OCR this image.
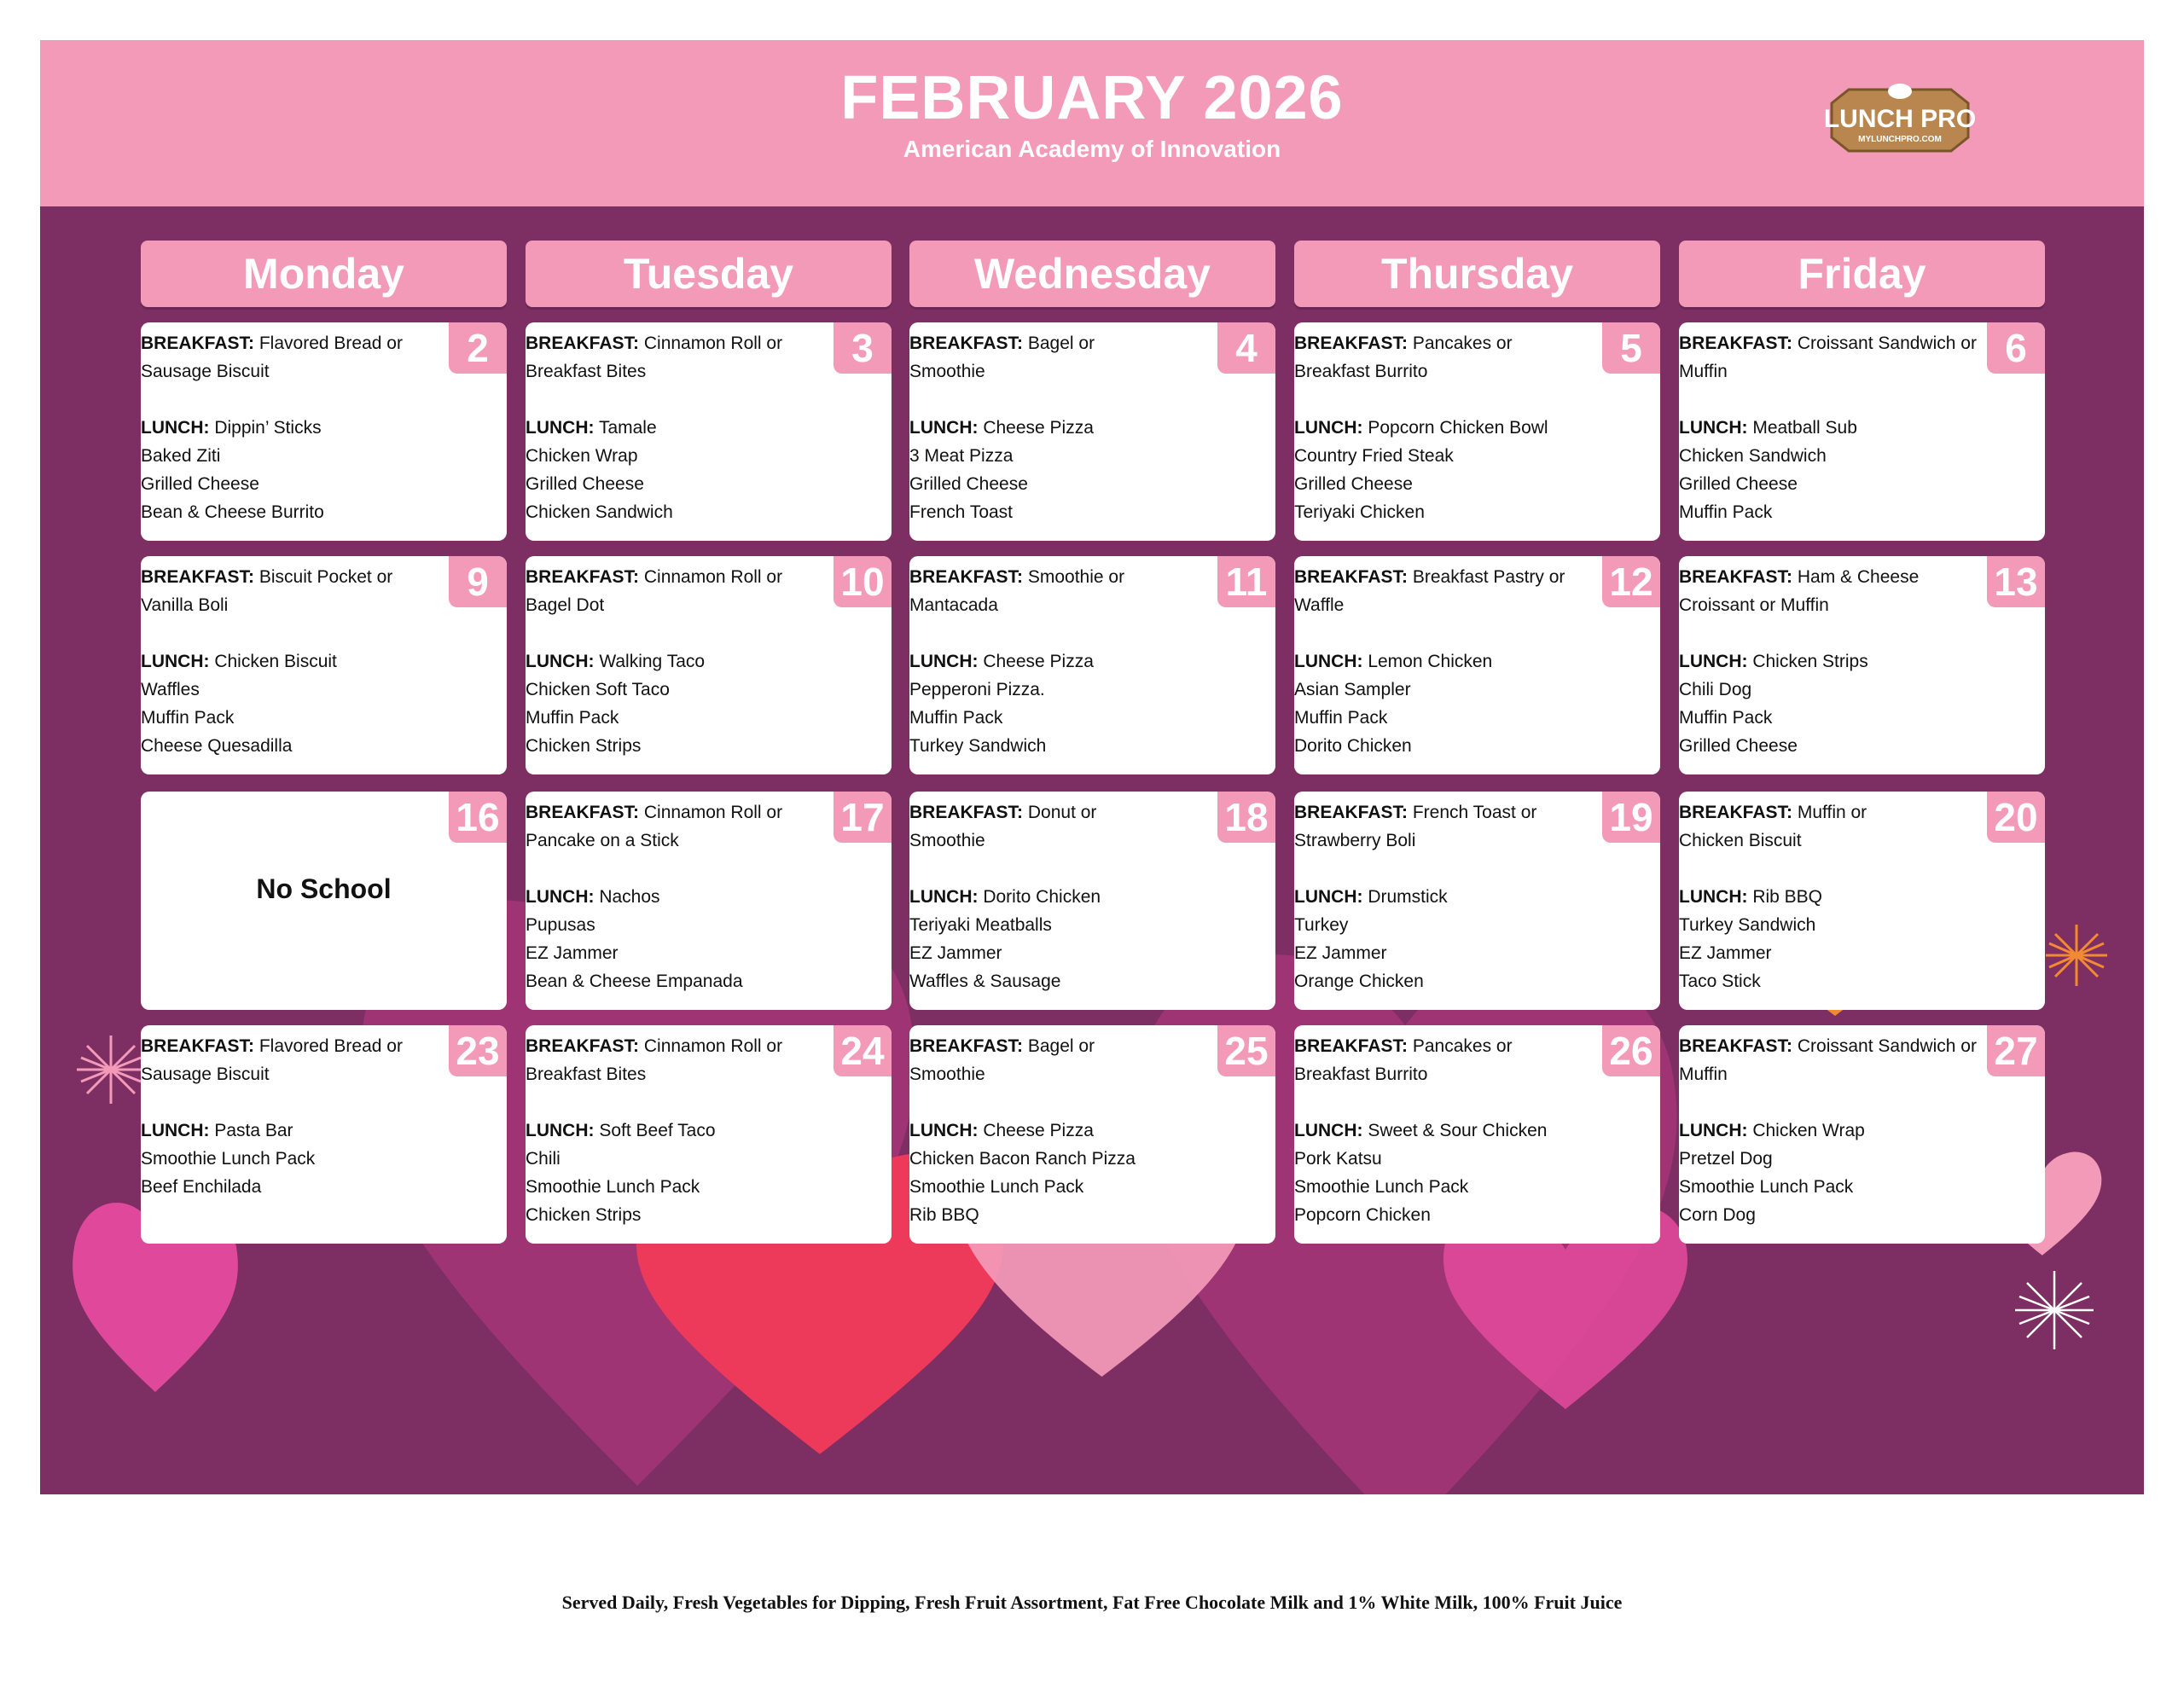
FEBRUARY 2026
American Academy of Innovation
LUNCH PRO
MYLUNCHPRO.COM
Monday	Tuesday	Wednesday	Thursday	Friday
2
BREAKFAST: Flavored Bread or
Sausage Biscuit
LUNCH: Dippin’ Sticks
Baked Ziti
Grilled Cheese
Bean & Cheese Burrito
3
BREAKFAST: Cinnamon Roll or
Breakfast Bites
LUNCH: Tamale
Chicken Wrap
Grilled Cheese
Chicken Sandwich
4
BREAKFAST: Bagel or
Smoothie
LUNCH: Cheese Pizza
3 Meat Pizza
Grilled Cheese
French Toast
5
BREAKFAST: Pancakes or
Breakfast Burrito
LUNCH: Popcorn Chicken Bowl
Country Fried Steak
Grilled Cheese
Teriyaki Chicken
6
BREAKFAST: Croissant Sandwich or
Muffin
LUNCH: Meatball Sub
Chicken Sandwich
Grilled Cheese
Muffin Pack
9
BREAKFAST: Biscuit Pocket or
Vanilla Boli
LUNCH: Chicken Biscuit
Waffles
Muffin Pack
Cheese Quesadilla
10
BREAKFAST: Cinnamon Roll or
Bagel Dot
LUNCH: Walking Taco
Chicken Soft Taco
Muffin Pack
Chicken Strips
11
BREAKFAST: Smoothie or
Mantacada
LUNCH: Cheese Pizza
Pepperoni Pizza.
Muffin Pack
Turkey Sandwich
12
BREAKFAST: Breakfast Pastry or
Waffle
LUNCH: Lemon Chicken
Asian Sampler
Muffin Pack
Dorito Chicken
13
BREAKFAST: Ham & Cheese
Croissant or Muffin
LUNCH: Chicken Strips
Chili Dog
Muffin Pack
Grilled Cheese
16
No School
17
BREAKFAST: Cinnamon Roll or
Pancake on a Stick
LUNCH: Nachos
Pupusas
EZ Jammer
Bean & Cheese Empanada
18
BREAKFAST: Donut or
Smoothie
LUNCH: Dorito Chicken
Teriyaki Meatballs
EZ Jammer
Waffles & Sausage
19
BREAKFAST: French Toast or
Strawberry Boli
LUNCH: Drumstick
Turkey
EZ Jammer
Orange Chicken
20
BREAKFAST: Muffin or
Chicken Biscuit
LUNCH: Rib BBQ
Turkey Sandwich
EZ Jammer
Taco Stick
23
BREAKFAST: Flavored Bread or
Sausage Biscuit
LUNCH: Pasta Bar
Smoothie Lunch Pack
Beef Enchilada
24
BREAKFAST: Cinnamon Roll or
Breakfast Bites
LUNCH: Soft Beef Taco
Chili
Smoothie Lunch Pack
Chicken Strips
25
BREAKFAST: Bagel or
Smoothie
LUNCH: Cheese Pizza
Chicken Bacon Ranch Pizza
Smoothie Lunch Pack
Rib BBQ
26
BREAKFAST: Pancakes or
Breakfast Burrito
LUNCH: Sweet & Sour Chicken
Pork Katsu
Smoothie Lunch Pack
Popcorn Chicken
27
BREAKFAST: Croissant Sandwich or
Muffin
LUNCH: Chicken Wrap
Pretzel Dog
Smoothie Lunch Pack
Corn Dog
Served Daily, Fresh Vegetables for Dipping, Fresh Fruit Assortment, Fat Free Chocolate Milk and 1% White Milk, 100% Fruit Juice
